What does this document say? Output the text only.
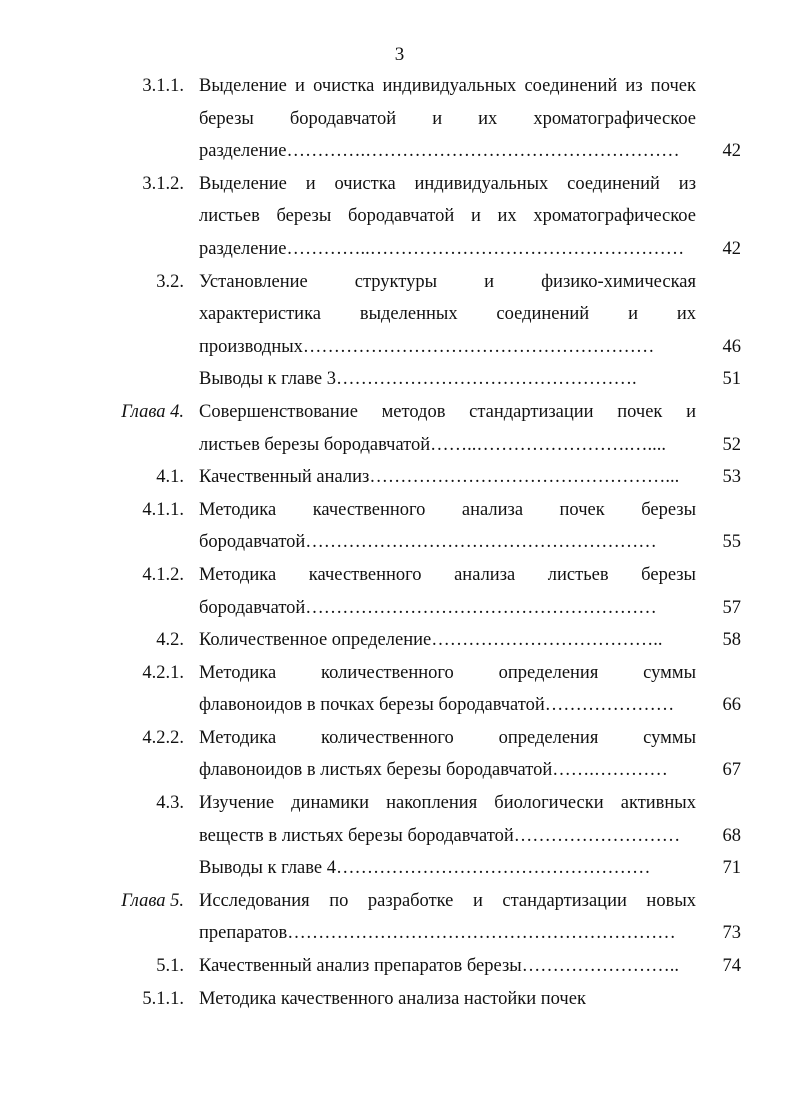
3
3.1.1. Выделение и очистка индивидуальных соединений из почек
березы бородавчатой и их хроматографическое
разделение………….……………………………………………	42
3.1.2. Выделение и очистка индивидуальных соединений из
листьев березы бородавчатой и их хроматографическое
разделение…………..……………………………………………	42
3.2. Установление структуры и физико-химическая
характеристика выделенных соединений и их
производных…………………………………………………	46
Выводы к главе 3………………………………………….	51
Глава 4. Совершенствование методов стандартизации почек и
листьев березы бородавчатой……..…………………….…....	52
4.1. Качественный анализ…………………………………………...	53
4.1.1. Методика качественного анализа почек березы
бородавчатой…………………………………………………	55
4.1.2. Методика качественного анализа листьев березы
бородавчатой…………………………………………………	57
4.2. Количественное определение………………………………..	58
4.2.1. Методика количественного определения суммы
флавоноидов в почках березы бородавчатой…………………	66
4.2.2. Методика количественного определения суммы
флавоноидов в листьях березы бородавчатой…….…………	67
4.3. Изучение динамики накопления биологически активных
веществ в листьях березы бородавчатой………………………	68
Выводы к главе 4……………………………………………	71
Глава 5. Исследования по разработке и стандартизации новых
препаратов………………………………………………………	73
5.1. Качественный анализ препаратов березы……………………..	74
5.1.1. Методика качественного анализа настойки почек
